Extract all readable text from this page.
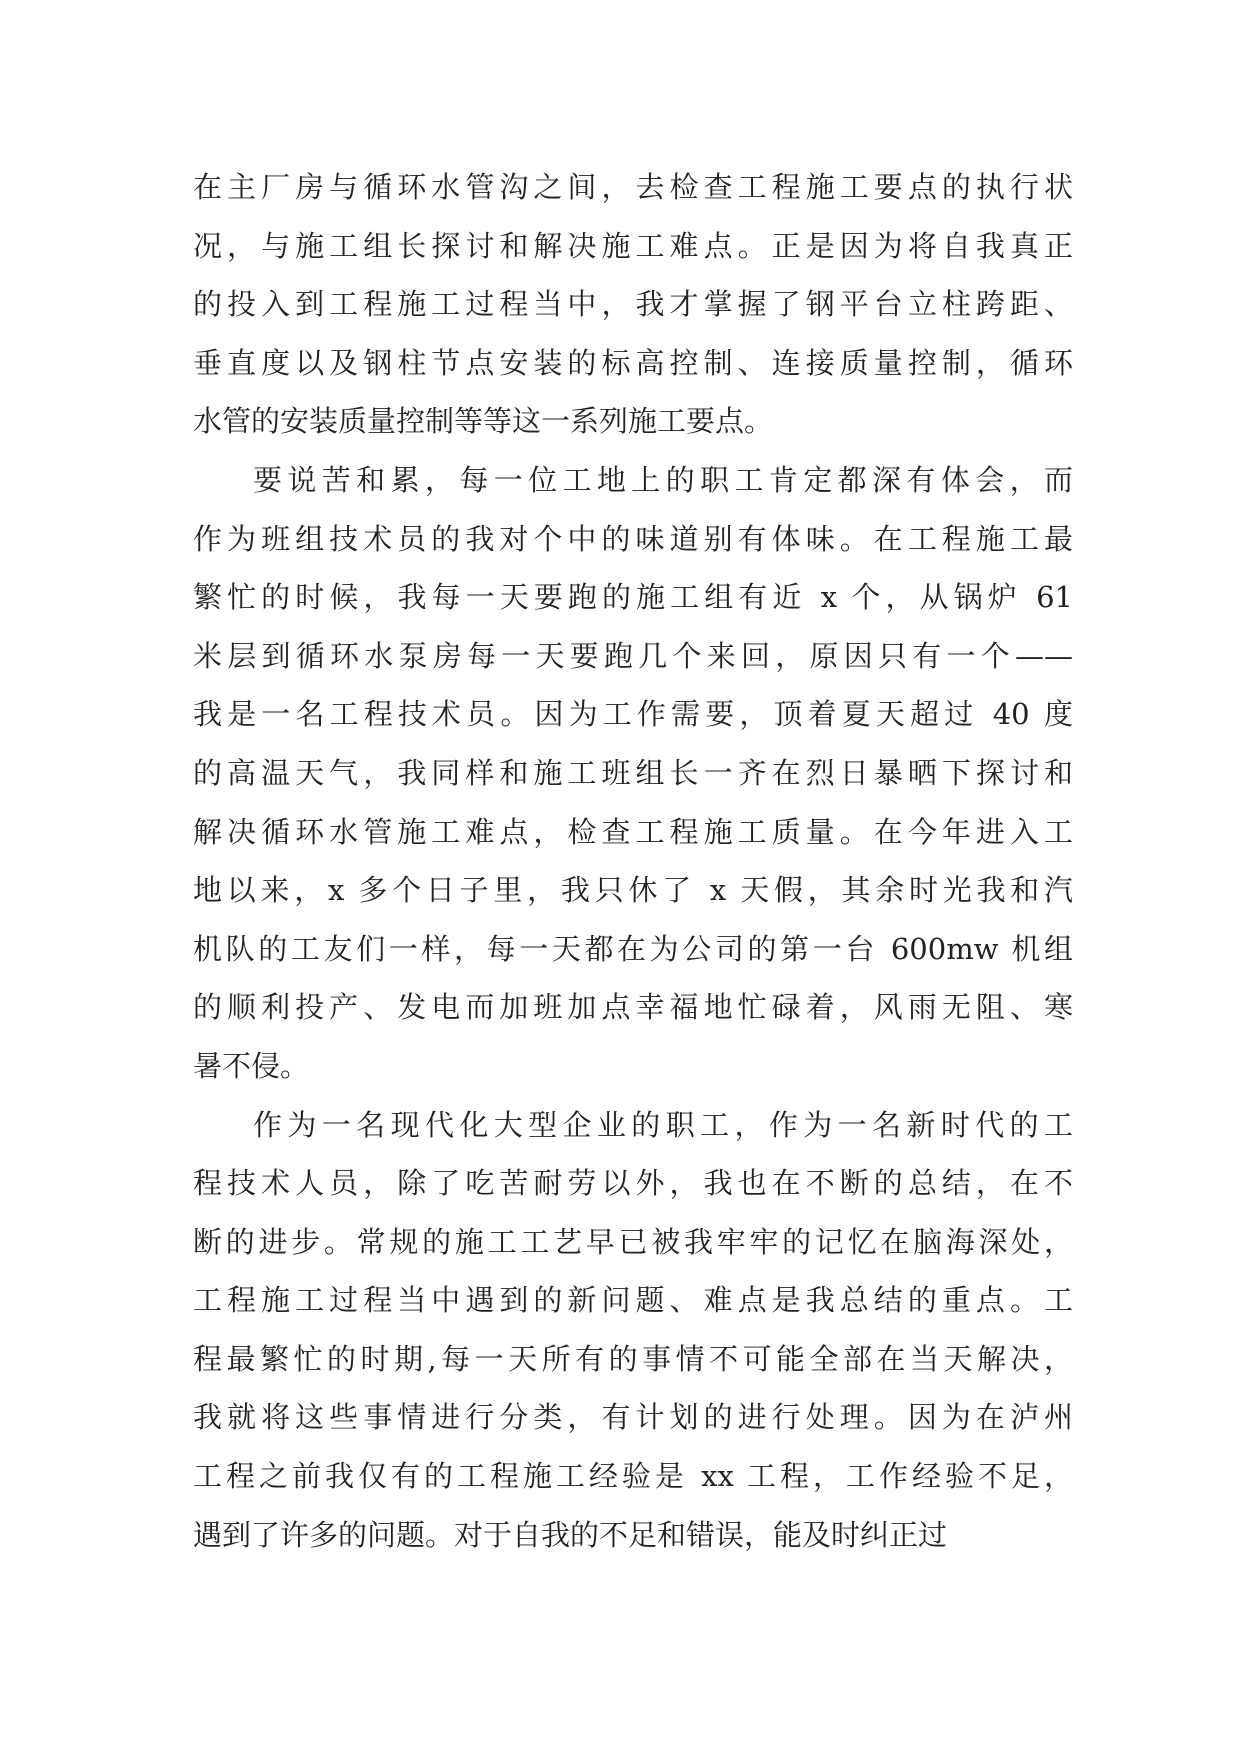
在主厂房与循环水管沟之间，去检查工程施工要点的执行状
况，与施工组长探讨和解决施工难点。正是因为将自我真正
的投入到工程施工过程当中，我才掌握了钢平台立柱跨距、
垂直度以及钢柱节点安装的标高控制、连接质量控制，循环
水管的安装质量控制等等这一系列施工要点。
要说苦和累，每一位工地上的职工肯定都深有体会，而
作为班组技术员的我对个中的味道别有体味。在工程施工最
繁忙的时候，我每一天要跑的施工组有近 x 个，从锅炉 61
米层到循环水泵房每一天要跑几个来回，原因只有一个——
我是一名工程技术员。因为工作需要，顶着夏天超过 40 度
的高温天气，我同样和施工班组长一齐在烈日暴晒下探讨和
解决循环水管施工难点，检查工程施工质量。在今年进入工
地以来，x 多个日子里，我只休了 x 天假，其余时光我和汽
机队的工友们一样，每一天都在为公司的第一台 600mw 机组
的顺利投产、发电而加班加点幸福地忙碌着，风雨无阻、寒
暑不侵。
作为一名现代化大型企业的职工，作为一名新时代的工
程技术人员，除了吃苦耐劳以外，我也在不断的总结，在不
断的进步。常规的施工工艺早已被我牢牢的记忆在脑海深处，
工程施工过程当中遇到的新问题、难点是我总结的重点。工
程最繁忙的时期,每一天所有的事情不可能全部在当天解决，
我就将这些事情进行分类，有计划的进行处理。因为在泸州
工程之前我仅有的工程施工经验是 xx 工程，工作经验不足，
遇到了许多的问题。对于自我的不足和错误，能及时纠正过
